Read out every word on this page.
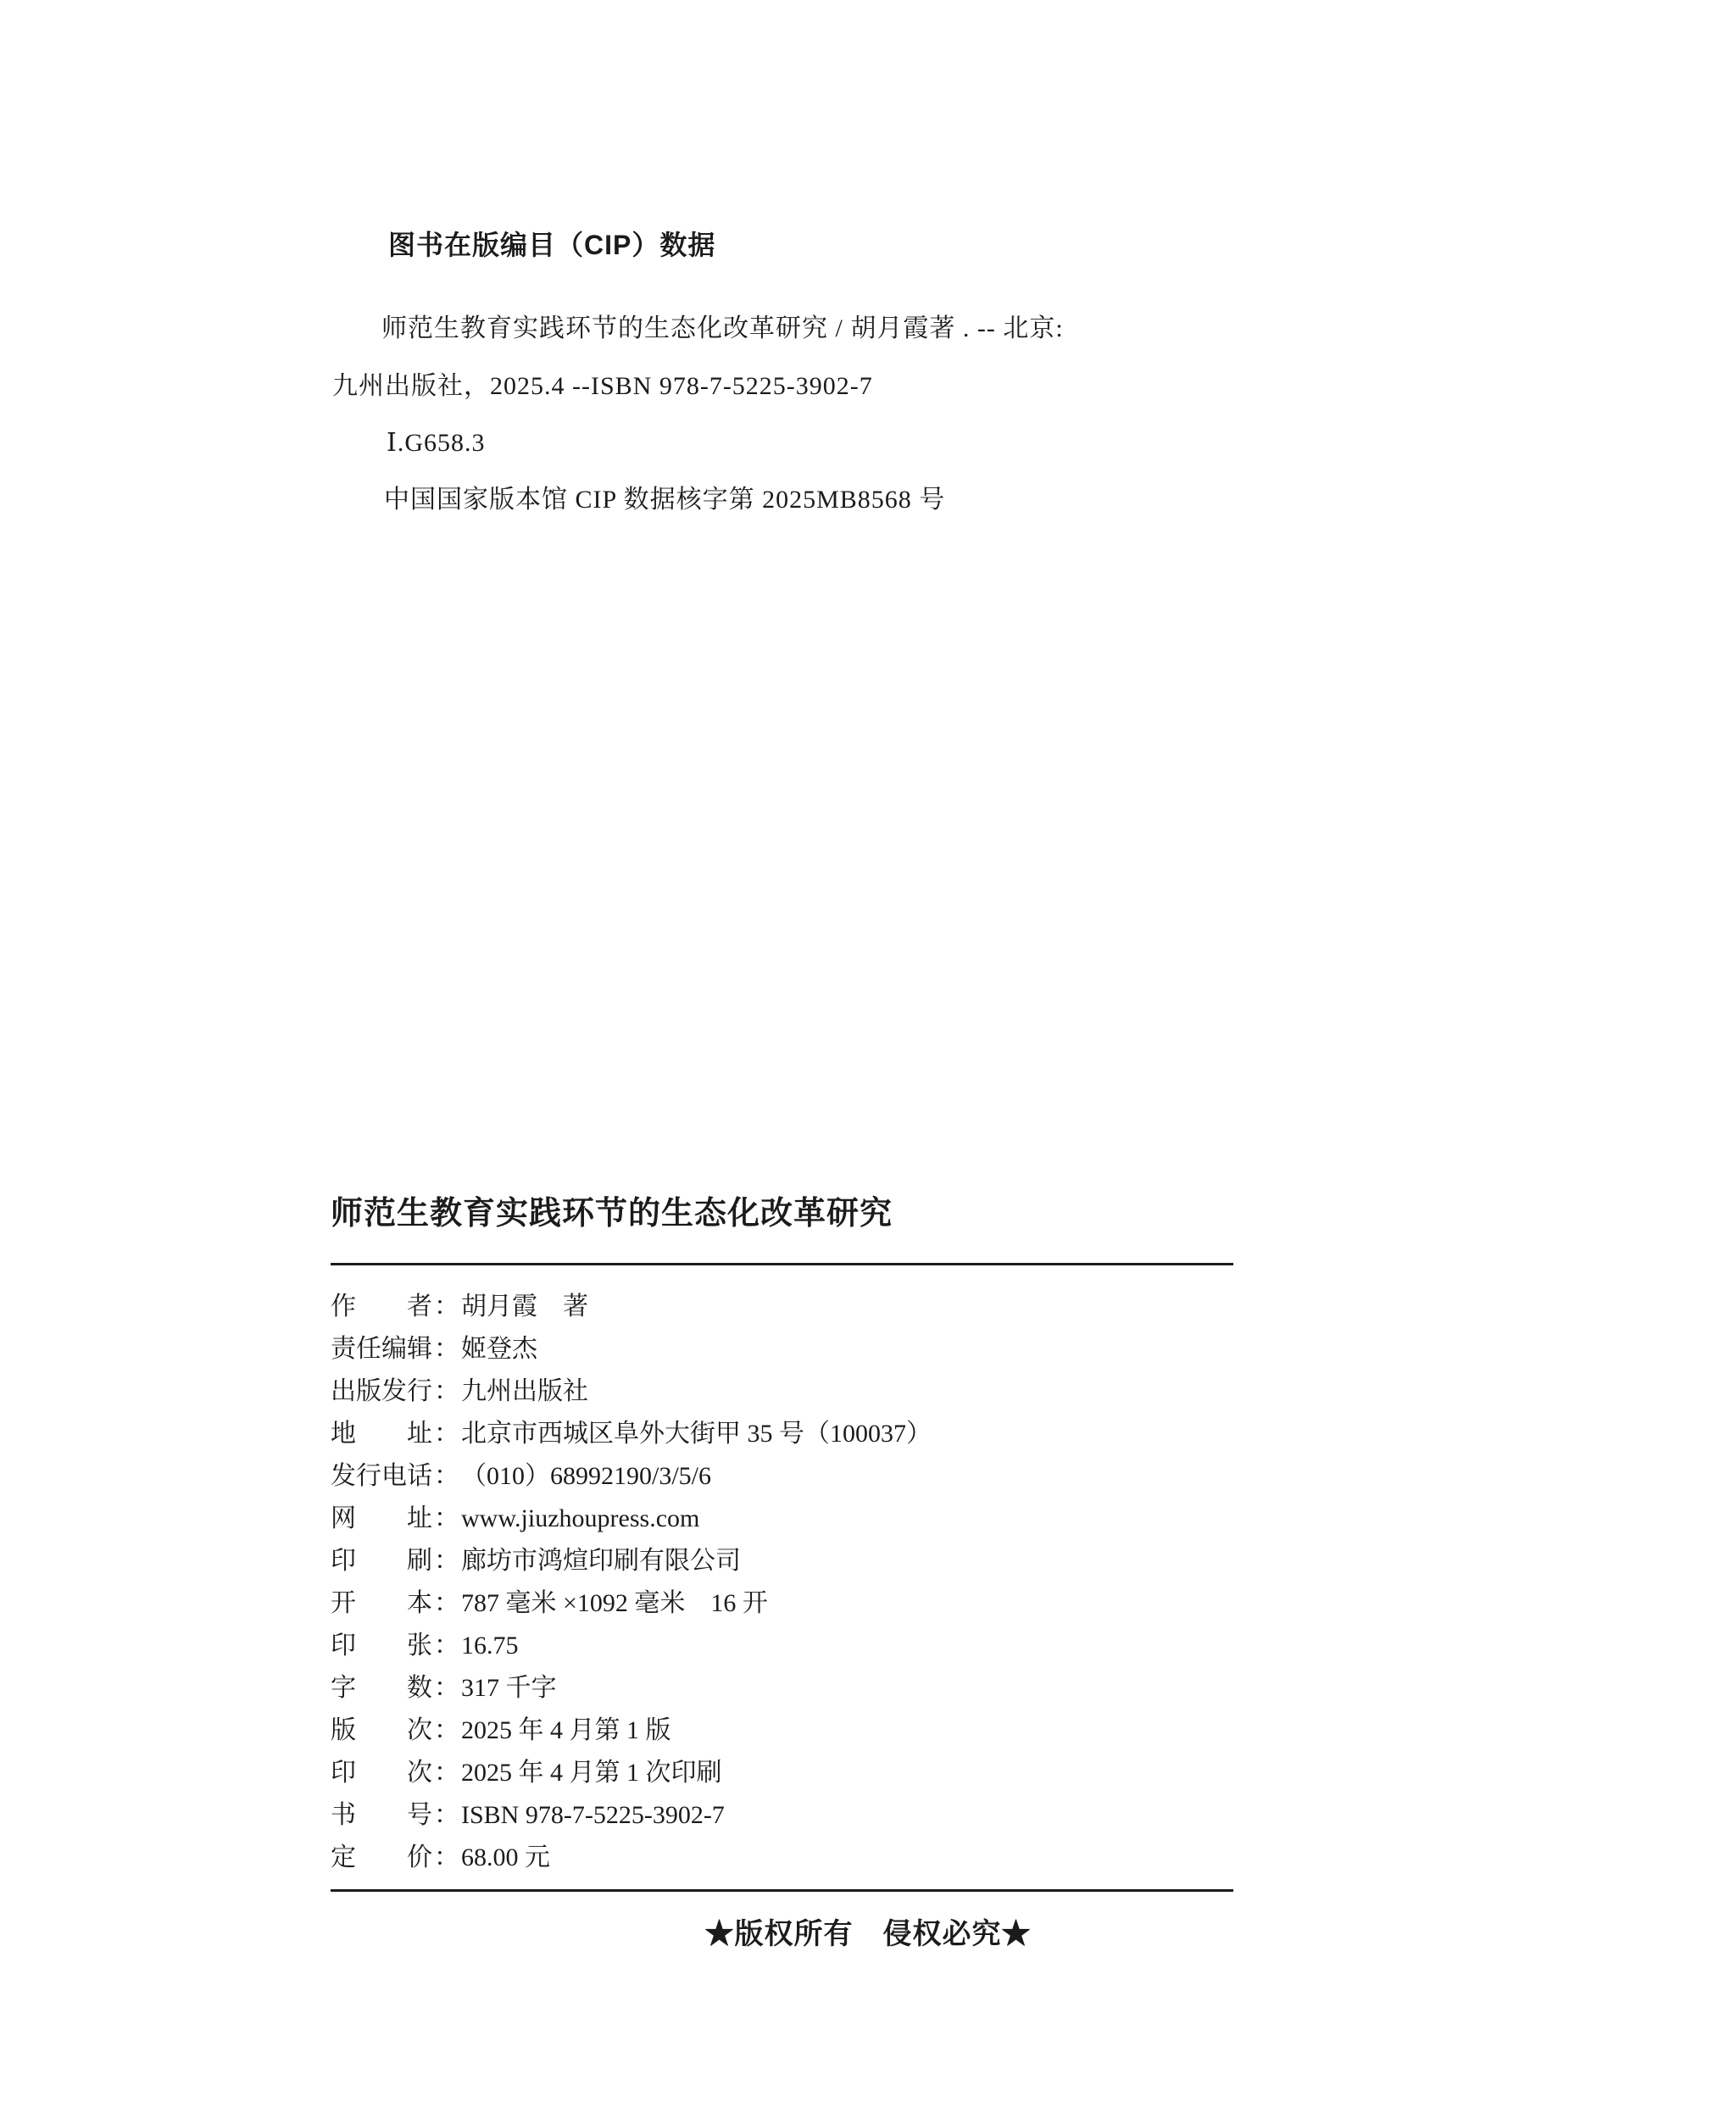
图书在版编目（CIP）数据
师范生教育实践环节的生态化改革研究 / 胡月霞著 . -- 北京:
九州出版社，2025.4 --ISBN 978-7-5225-3902-7
Ⅰ.G658.3
中国国家版本馆 CIP 数据核字第 2025MB8568 号
师范生教育实践环节的生态化改革研究
作　　者 ： 胡月霞　著
责任编辑 ： 姬登杰
出版发行 ： 九州出版社
地　　址 ： 北京市西城区阜外大街甲 35 号（100037）
发行电话 ： （010）68992190/3/5/6
网　　址 ： www.jiuzhoupress.com
印　　刷 ： 廊坊市鸿煊印刷有限公司
开　　本 ： 787 毫米 ×1092 毫米　16 开
印　　张 ： 16.75
字　　数 ： 317 千字
版　　次 ： 2025 年 4 月第 1 版
印　　次 ： 2025 年 4 月第 1 次印刷
书　　号 ： ISBN 978-7-5225-3902-7
定　　价 ： 68.00 元
★版权所有　侵权必究★
